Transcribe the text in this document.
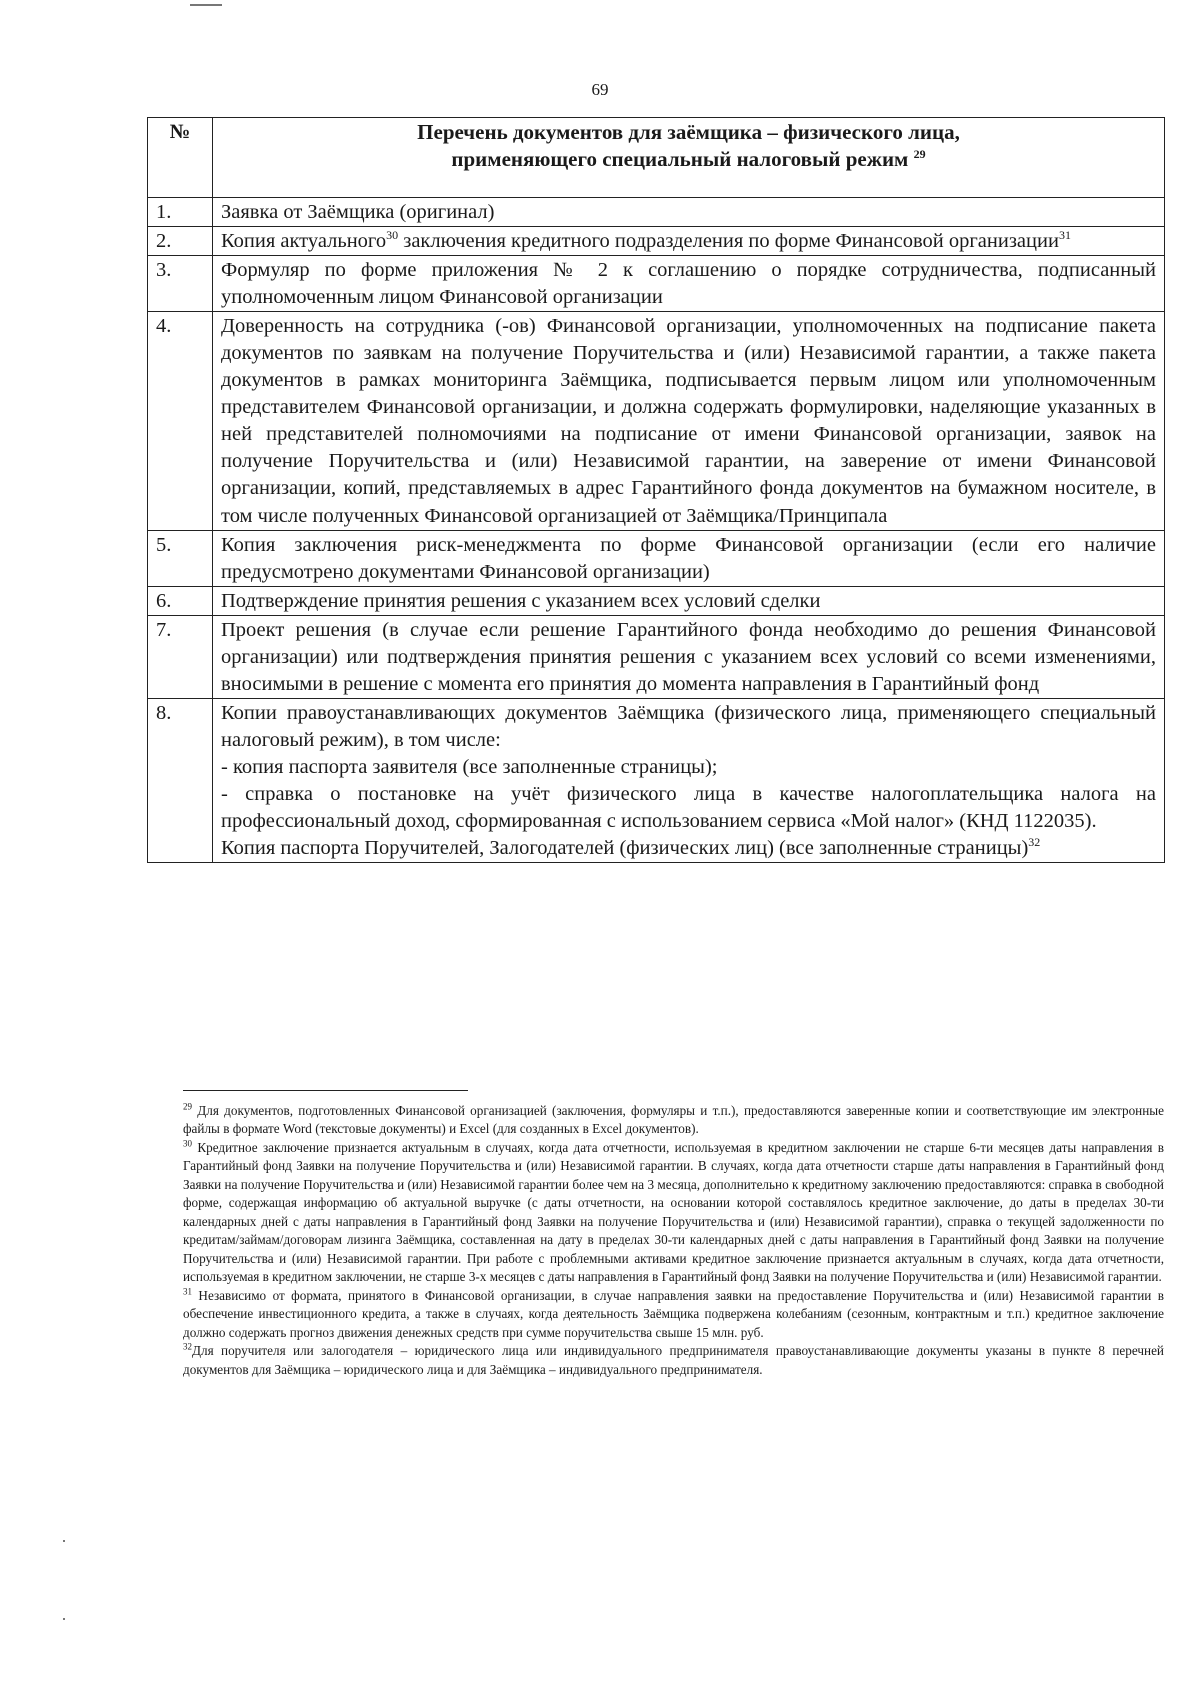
69
№	Перечень документов для заёмщика – физического лица,
применяющего специальный налоговый режим $^{29}$
1.	Заявка от Заёмщика (оригинал)
2.	Копия актуального$^{30}$ заключения кредитного подразделения по форме Финансовой организации$^{31}$
3.	Формуляр по форме приложения № 2 к соглашению о порядке сотрудничества, подписанный уполномоченным лицом Финансовой организации
4.	Доверенность на сотрудника (-ов) Финансовой организации, уполномоченных на подписание пакета документов по заявкам на получение Поручительства и (или) Независимой гарантии, а также пакета документов в рамках мониторинга Заёмщика, подписывается первым лицом или уполномоченным представителем Финансовой организации, и должна содержать формулировки, наделяющие указанных в ней представителей полномочиями на подписание от имени Финансовой организации, заявок на получение Поручительства и (или) Независимой гарантии, на заверение от имени Финансовой организации, копий, представляемых в адрес Гарантийного фонда документов на бумажном носителе, в том числе полученных Финансовой организацией от Заёмщика/Принципала
5.	Копия заключения риск-менеджмента по форме Финансовой организации (если его наличие предусмотрено документами Финансовой организации)
6.	Подтверждение принятия решения с указанием всех условий сделки
7.	Проект решения (в случае если решение Гарантийного фонда необходимо до решения Финансовой организации) или подтверждения принятия решения с указанием всех условий со всеми изменениями, вносимыми в решение с момента его принятия до момента направления в Гарантийный фонд
8.	Копии правоустанавливающих документов Заёмщика (физического лица, применяющего специальный налоговый режим), в том числе:

- копия паспорта заявителя (все заполненные страницы);

- справка о постановке на учёт физического лица в качестве налогоплательщика налога на профессиональный доход, сформированная с использованием сервиса «Мой налог» (КНД 1122035).

Копия паспорта Поручителей, Залогодателей (физических лиц) (все заполненные страницы)$^{32}$

$^{29}$ Для документов, подготовленных Финансовой организацией (заключения, формуляры и т.п.), предоставляются заверенные копии и соответствующие им электронные файлы в формате Word (текстовые документы) и Excel (для созданных в Excel документов).

$^{30}$ Кредитное заключение признается актуальным в случаях, когда дата отчетности, используемая в кредитном заключении не старше 6-ти месяцев даты направления в Гарантийный фонд Заявки на получение Поручительства и (или) Независимой гарантии. В случаях, когда дата отчетности старше даты направления в Гарантийный фонд Заявки на получение Поручительства и (или) Независимой гарантии более чем на 3 месяца, дополнительно к кредитному заключению предоставляются: справка в свободной форме, содержащая информацию об актуальной выручке (с даты отчетности, на основании которой составлялось кредитное заключение, до даты в пределах 30-ти календарных дней с даты направления в Гарантийный фонд Заявки на получение Поручительства и (или) Независимой гарантии), справка о текущей задолженности по кредитам/займам/договорам лизинга Заёмщика, составленная на дату в пределах 30-ти календарных дней с даты направления в Гарантийный фонд Заявки на получение Поручительства и (или) Независимой гарантии. При работе с проблемными активами кредитное заключение признается актуальным в случаях, когда дата отчетности, используемая в кредитном заключении, не старше 3-х месяцев с даты направления в Гарантийный фонд Заявки на получение Поручительства и (или) Независимой гарантии.

$^{31}$ Независимо от формата, принятого в Финансовой организации, в случае направления заявки на предоставление Поручительства и (или) Независимой гарантии в обеспечение инвестиционного кредита, а также в случаях, когда деятельность Заёмщика подвержена колебаниям (сезонным, контрактным и т.п.) кредитное заключение должно содержать прогноз движения денежных средств при сумме поручительства свыше 15 млн. руб.

$^{32}$Для поручителя или залогодателя – юридического лица или индивидуального предпринимателя правоустанавливающие документы указаны в пункте 8 перечней документов для Заёмщика – юридического лица и для Заёмщика – индивидуального предпринимателя.
